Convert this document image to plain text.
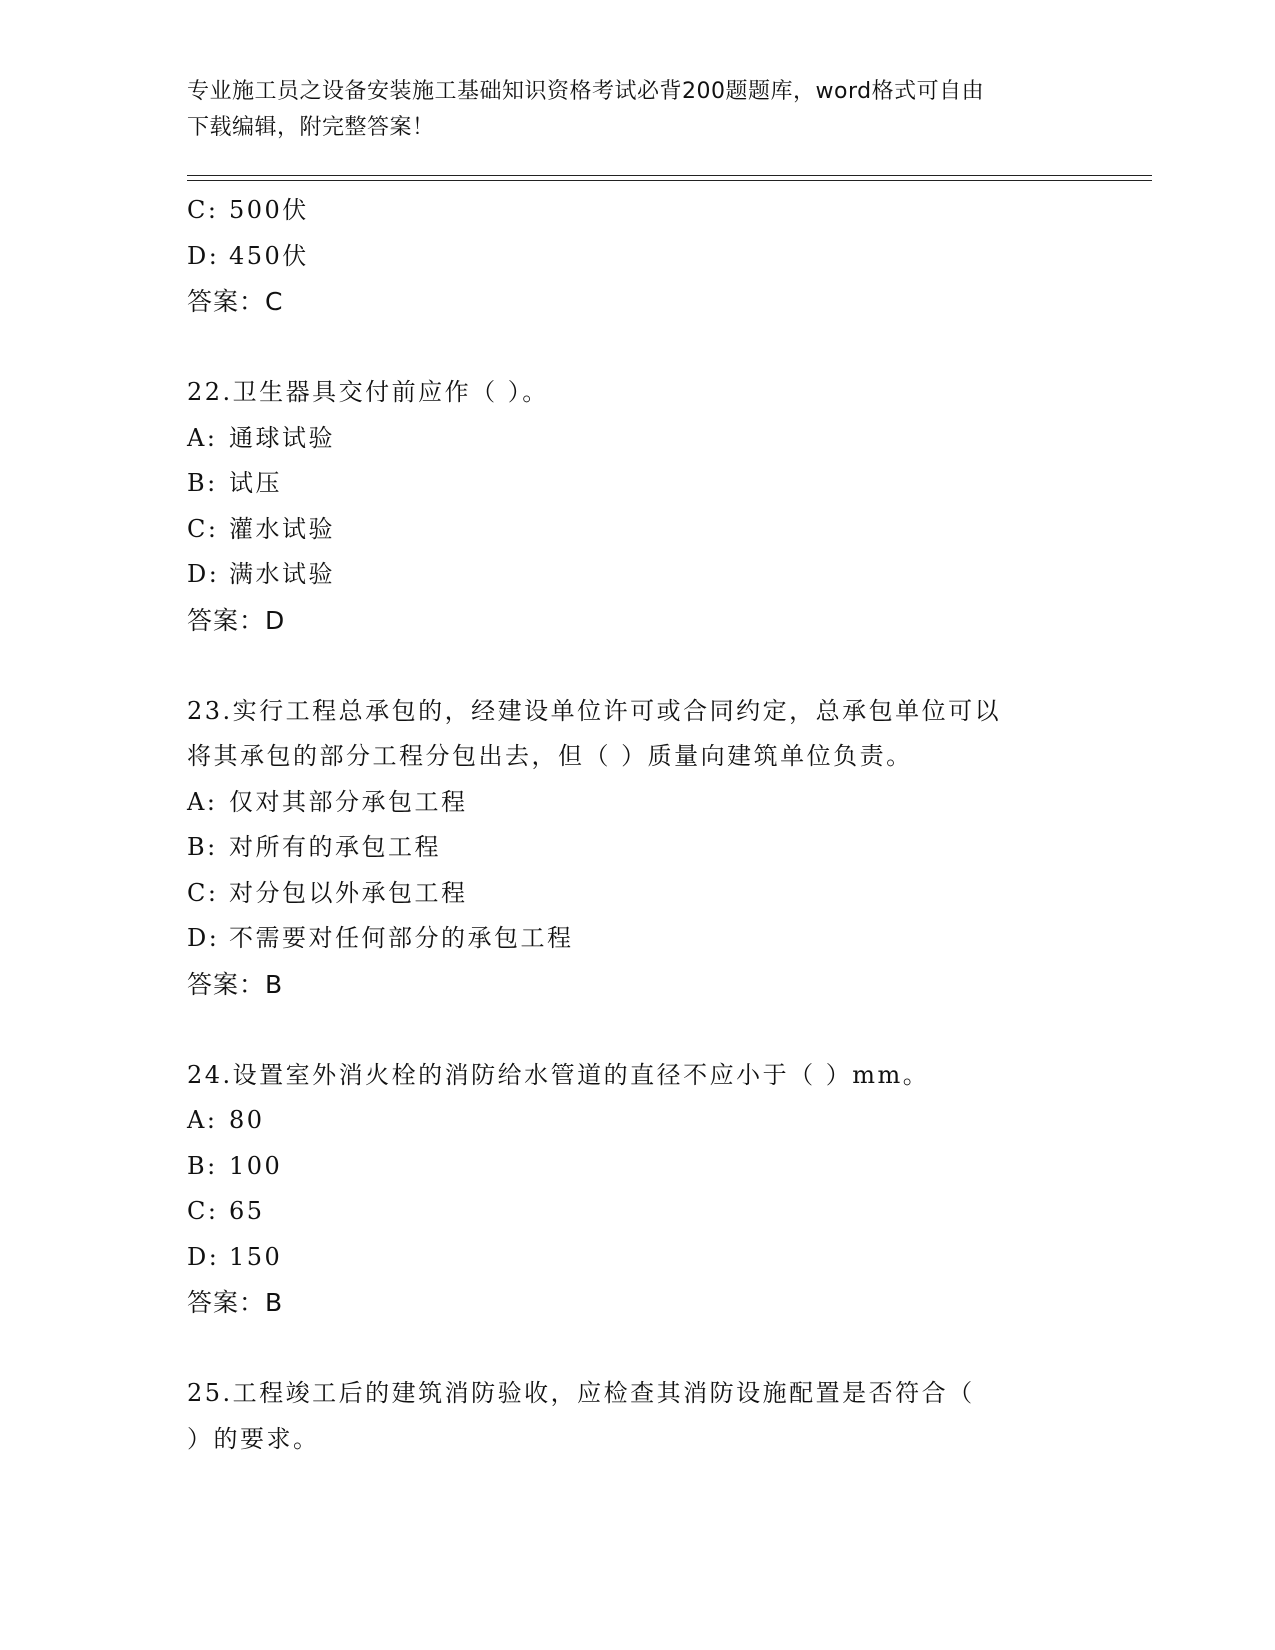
专业施工员之设备安装施工基础知识资格考试必背200题题库，word格式可自由
下载编辑，附完整答案！
C: 500伏
D: 450伏
答案：C
22.卫生器具交付前应作（ ）。
A: 通球试验
B: 试压
C: 灌水试验
D: 满水试验
答案：D
23.实行工程总承包的，经建设单位许可或合同约定，总承包单位可以
将其承包的部分工程分包出去，但（ ）质量向建筑单位负责。
A: 仅对其部分承包工程
B: 对所有的承包工程
C: 对分包以外承包工程
D: 不需要对任何部分的承包工程
答案：B
24.设置室外消火栓的消防给水管道的直径不应小于（ ）mm。
A: 80
B: 100
C: 65
D: 150
答案：B
25.工程竣工后的建筑消防验收，应检查其消防设施配置是否符合（
）的要求。
